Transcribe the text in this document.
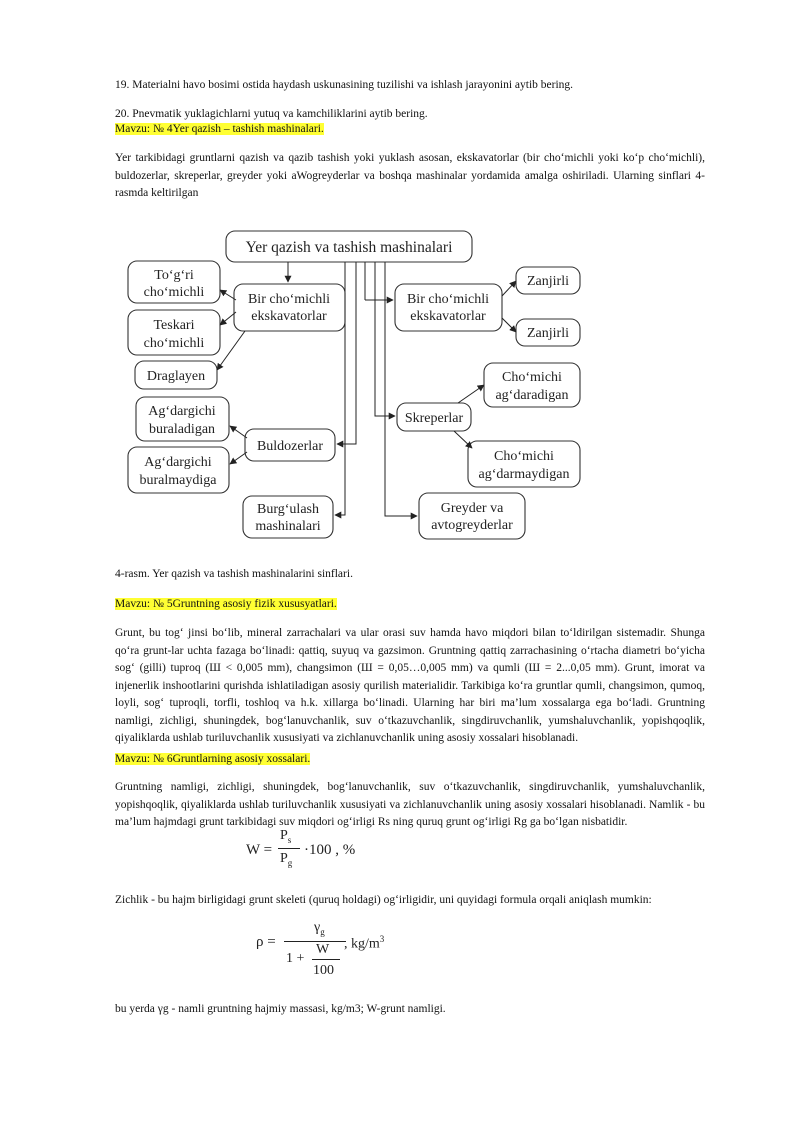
19. Materialni havo bosimi ostida haydash uskunasining tuzilishi va ishlash jarayonini aytib bering.
20. Pnevmatik yuklagichlarni yutuq va kamchiliklarini aytib bering.
Mavzu: № 4Yer qazish – tashish mashinalari.
Yer tarkibidagi gruntlarni qazish va qazib tashish yoki yuklash asosan, ekskavatorlar (bir cho‘michli yoki ko‘p cho‘michli), buldozerlar, skreperlar, greyder yoki aWogreyderlar va boshqa mashinalar yordamida amalga oshiriladi. Ularning sinflari 4-rasmda keltirilgan
Yer qazish va tashish mashinalari
To‘g‘ri
cho‘michli
Teskari
cho‘michli
Draglayen
Bir cho‘michli
ekskavatorlar
Ag‘dargichi
buraladigan
Ag‘dargichi
buralmaydiga
Buldozerlar
Burg‘ulash
mashinalari
Bir cho‘michli
ekskavatorlar
Zanjirli
Zanjirli
Skreperlar
Cho‘michi
ag‘daradigan
Cho‘michi
ag‘darmaydigan
Greyder va
avtogreyderlar
4-rasm. Yer qazish va tashish mashinalarini sinflari.
Mavzu: № 5Gruntning asosiy fizik xususyatlari.
Grunt, bu tog‘ jinsi bo‘lib, mineral zarrachalari va ular orasi suv hamda havo miqdori bilan to‘ldirilgan sistemadir. Shunga qo‘ra grunt-lar uchta fazaga bo‘linadi: qattiq, suyuq va gazsimon. Gruntning qattiq zarrachasining o‘rtacha diametri bo‘yicha sog‘ (gilli) tuproq (Ш < 0,005 mm), changsimon (Ш = 0,05…0,005 mm) va qumli (Ш = 2...0,05 mm). Grunt, imorat va injenerlik inshootlarini qurishda ishlatiladigan asosiy qurilish materialidir. Tarkibiga ko‘ra gruntlar qumli, changsimon, qumoq, loyli, sog‘ tuproqli, torfli, toshloq va h.k. xillarga bo‘linadi. Ularning har biri ma’lum xossalarga ega bo‘ladi. Gruntning namligi, zichligi, shuningdek, bog‘lanuvchanlik, suv o‘tkazuvchanlik, singdiruvchanlik, yumshaluvchanlik, yopishqoqlik, qiyaliklarda ushlab turiluvchanlik xususiyati va zichlanuvchanlik uning asosiy xossalari hisoblanadi.
Mavzu: № 6Gruntlarning asosiy xossalari.
Gruntning namligi, zichligi, shuningdek, bog‘lanuvchanlik, suv o‘tkazuvchanlik, singdiruvchanlik, yumshaluvchanlik, yopishqoqlik, qiyaliklarda ushlab turiluvchanlik xususiyati va zichlanuvchanlik uning asosiy xossalari hisoblanadi. Namlik - bu ma’lum hajmdagi grunt tarkibidagi suv miqdori og‘irligi Rs ning quruq grunt og‘irligi Rg ga bo‘lgan nisbatidir.
W =
$P_s$
$P_g$
·100 , %
Zichlik - bu hajm birligidagi grunt skeleti (quruq holdagi) og‘irligidir, uni quyidagi formula orqali aniqlash mumkin:
ρ =
$\gamma_g$
1 +
W
100
, $kg/m^3$
bu yerda γg - namli gruntning hajmiy massasi, kg/m3; W-grunt namligi.
